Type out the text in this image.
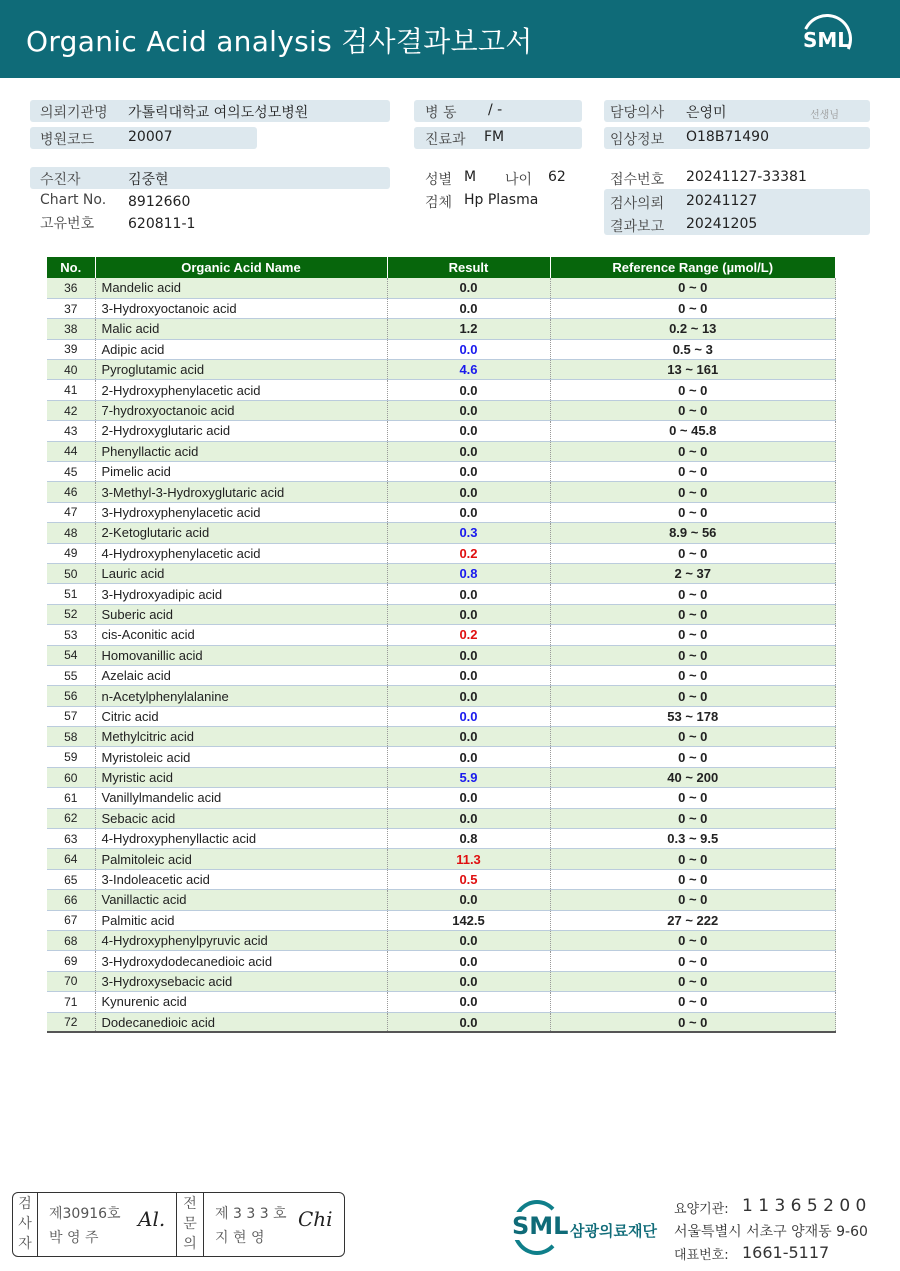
Organic Acid analysis 검사결과보고서	SML
의뢰기관명 가톨릭대학교 여의도성모병원
병원코드 20007
병 동 / -
진료과 FM
담당의사 은영미	선생님
임상정보 O18B71490
수진자	김중현
Chart No. 8912660
고유번호 620811-1
성별 M 나이 62
검체 Hp Plasma
접수번호 20241127-33381
검사의뢰 20241127
결과보고 20241205
No.	Organic Acid Name	Result	Reference Range (µmol/L)
36	Mandelic acid	0.0	0 ~ 0
37	3-Hydroxyoctanoic acid	0.0	0 ~ 0
38	Malic acid	1.2	0.2 ~ 13
39	Adipic acid	0.0	0.5 ~ 3
40	Pyroglutamic acid	4.6	13 ~ 161
41	2-Hydroxyphenylacetic acid	0.0	0 ~ 0
42	7-hydroxyoctanoic acid	0.0	0 ~ 0
43	2-Hydroxyglutaric acid	0.0	0 ~ 45.8
44	Phenyllactic acid	0.0	0 ~ 0
45	Pimelic acid	0.0	0 ~ 0
46	3-Methyl-3-Hydroxyglutaric acid	0.0	0 ~ 0
47	3-Hydroxyphenylacetic acid	0.0	0 ~ 0
48	2-Ketoglutaric acid	0.3	8.9 ~ 56
49	4-Hydroxyphenylacetic acid	0.2	0 ~ 0
50	Lauric acid	0.8	2 ~ 37
51	3-Hydroxyadipic acid	0.0	0 ~ 0
52	Suberic acid	0.0	0 ~ 0
53	cis-Aconitic acid	0.2	0 ~ 0
54	Homovanillic acid	0.0	0 ~ 0
55	Azelaic acid	0.0	0 ~ 0
56	n-Acetylphenylalanine	0.0	0 ~ 0
57	Citric acid	0.0	53 ~ 178
58	Methylcitric acid	0.0	0 ~ 0
59	Myristoleic acid	0.0	0 ~ 0
60	Myristic acid	5.9	40 ~ 200
61	Vanillylmandelic acid	0.0	0 ~ 0
62	Sebacic acid	0.0	0 ~ 0
63	4-Hydroxyphenyllactic acid	0.8	0.3 ~ 9.5
64	Palmitoleic acid	11.3	0 ~ 0
65	3-Indoleacetic acid	0.5	0 ~ 0
66	Vanillactic acid	0.0	0 ~ 0
67	Palmitic acid	142.5	27 ~ 222
68	4-Hydroxyphenylpyruvic acid	0.0	0 ~ 0
69	3-Hydroxydodecanedioic acid	0.0	0 ~ 0
70	3-Hydroxysebacic acid	0.0	0 ~ 0
71	Kynurenic acid	0.0	0 ~ 0
72	Dodecanedioic acid	0.0	0 ~ 0
검사자
제30916호
박 영 주
Al.
전문의
제 3 3 3 호
지 현 영
Chi	SML 삼광의료재단
요양기관: 1 1 3 6 5 2 0 0
서울특별시 서초구 양재동 9-60
대표번호: 1661-5117
